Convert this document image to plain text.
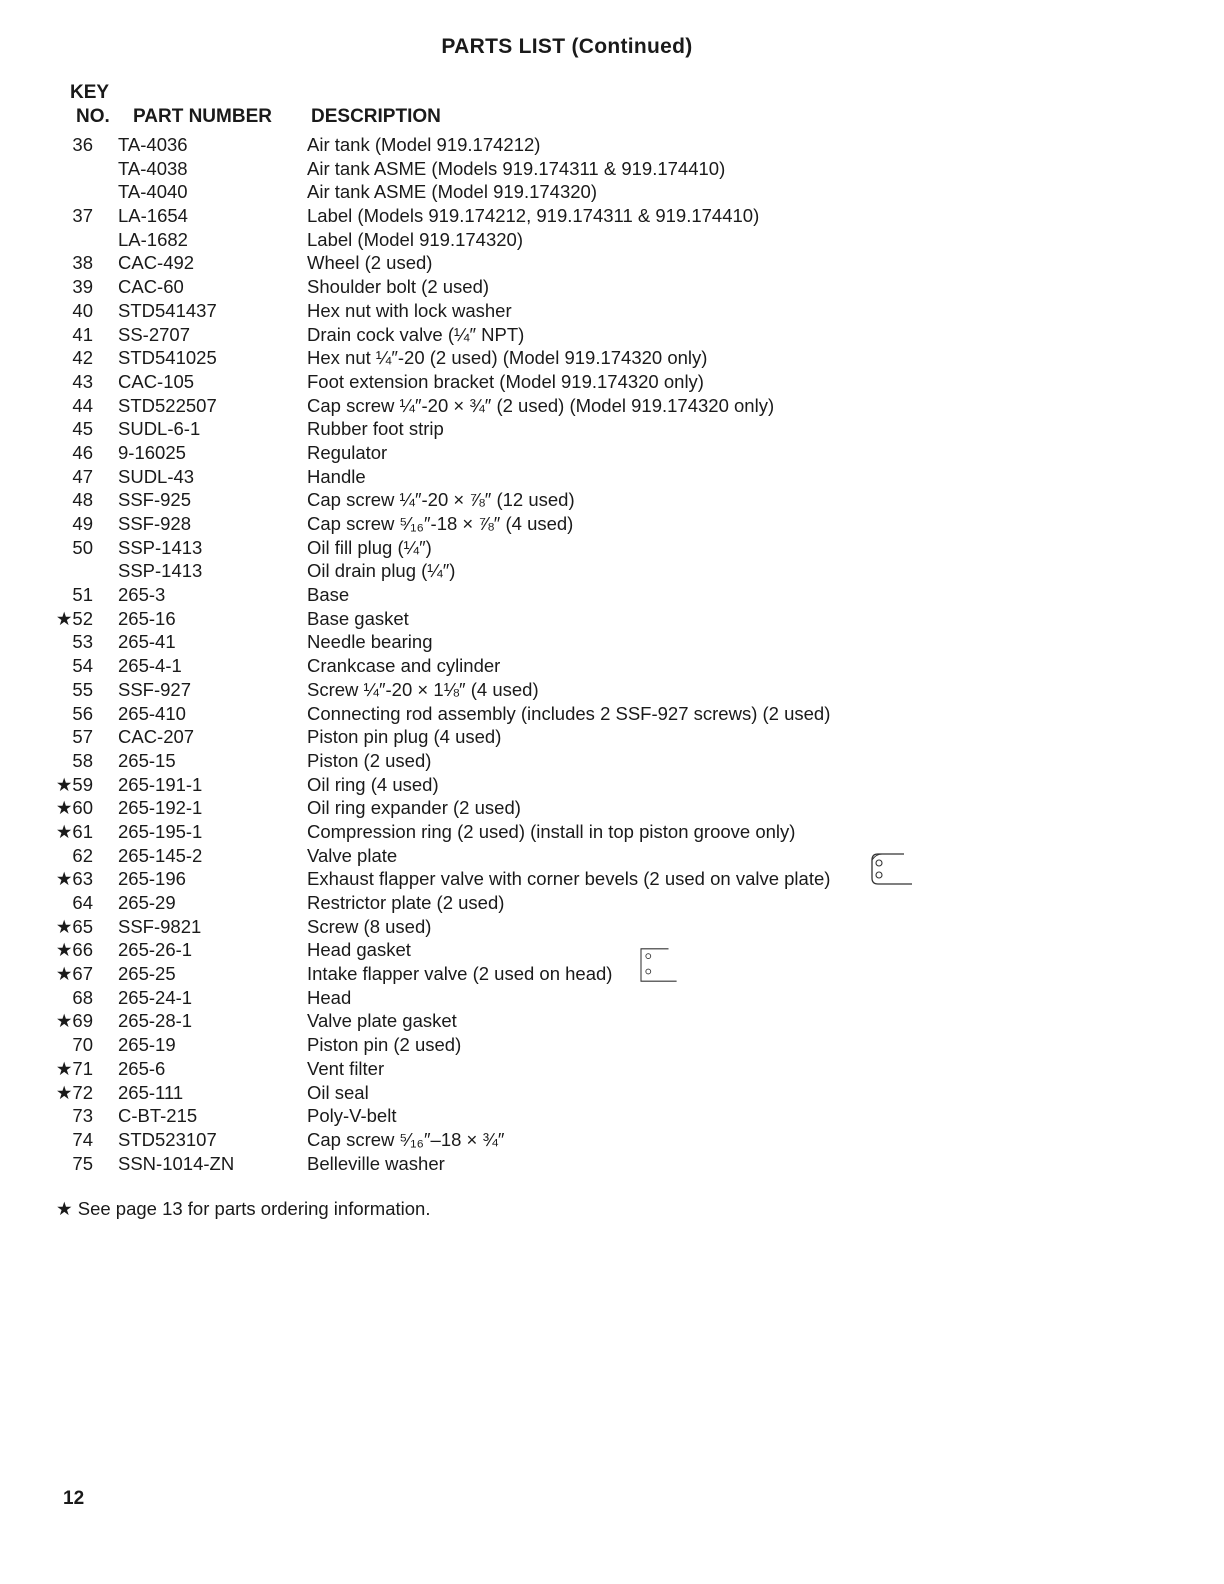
PARTS LIST (Continued)
KEY
NO. PART NUMBER DESCRIPTION
36 TA-4036	Air tank (Model 919.174212)
TA-4038	Air tank ASME (Models 919.174311 & 919.174410)
TA-4040	Air tank ASME (Model 919.174320)
37 LA-1654	Label (Models 919.174212, 919.174311 & 919.174410)
LA-1682	Label (Model 919.174320)
38 CAC-492	Wheel (2 used)
39 CAC-60	Shoulder bolt (2 used)
40 STD541437	Hex nut with lock washer
41 SS-2707	Drain cock valve (¼″ NPT)
42 STD541025	Hex nut ¼″-20 (2 used) (Model 919.174320 only)
43 CAC-105	Foot extension bracket (Model 919.174320 only)
44 STD522507	Cap screw ¼″-20 × ¾″ (2 used) (Model 919.174320 only)
45 SUDL-6-1	Rubber foot strip
46 9-16025	Regulator
47 SUDL-43	Handle
48 SSF-925	Cap screw ¼″-20 × ⅞″ (12 used)
49 SSF-928	Cap screw ⁵⁄₁₆″-18 × ⅞″ (4 used)
50 SSP-1413	Oil fill plug (¼″)
SSP-1413	Oil drain plug (¼″)
51 265-3	Base
★52 265-16	Base gasket
53 265-41	Needle bearing
54 265-4-1	Crankcase and cylinder
55 SSF-927	Screw ¼″-20 × 1⅛″ (4 used)
56 265-410	Connecting rod assembly (includes 2 SSF-927 screws) (2 used)
57 CAC-207	Piston pin plug (4 used)
58 265-15	Piston (2 used)
★59 265-191-1	Oil ring (4 used)
★60 265-192-1	Oil ring expander (2 used)
★61 265-195-1	Compression ring (2 used) (install in top piston groove only)
62 265-145-2	Valve plate
★63 265-196	Exhaust flapper valve with corner bevels (2 used on valve plate)
64 265-29	Restrictor plate (2 used)
★65 SSF-9821	Screw (8 used)
★66 265-26-1	Head gasket
★67 265-25	Intake flapper valve (2 used on head)
68 265-24-1	Head
★69 265-28-1	Valve plate gasket
70 265-19	Piston pin (2 used)
★71 265-6	Vent filter
★72 265-111	Oil seal
73 C-BT-215	Poly-V-belt
74 STD523107	Cap screw ⁵⁄₁₆″–18 × ¾″
75 SSN-1014-ZN	Belleville washer
★ See page 13 for parts ordering information.
12
